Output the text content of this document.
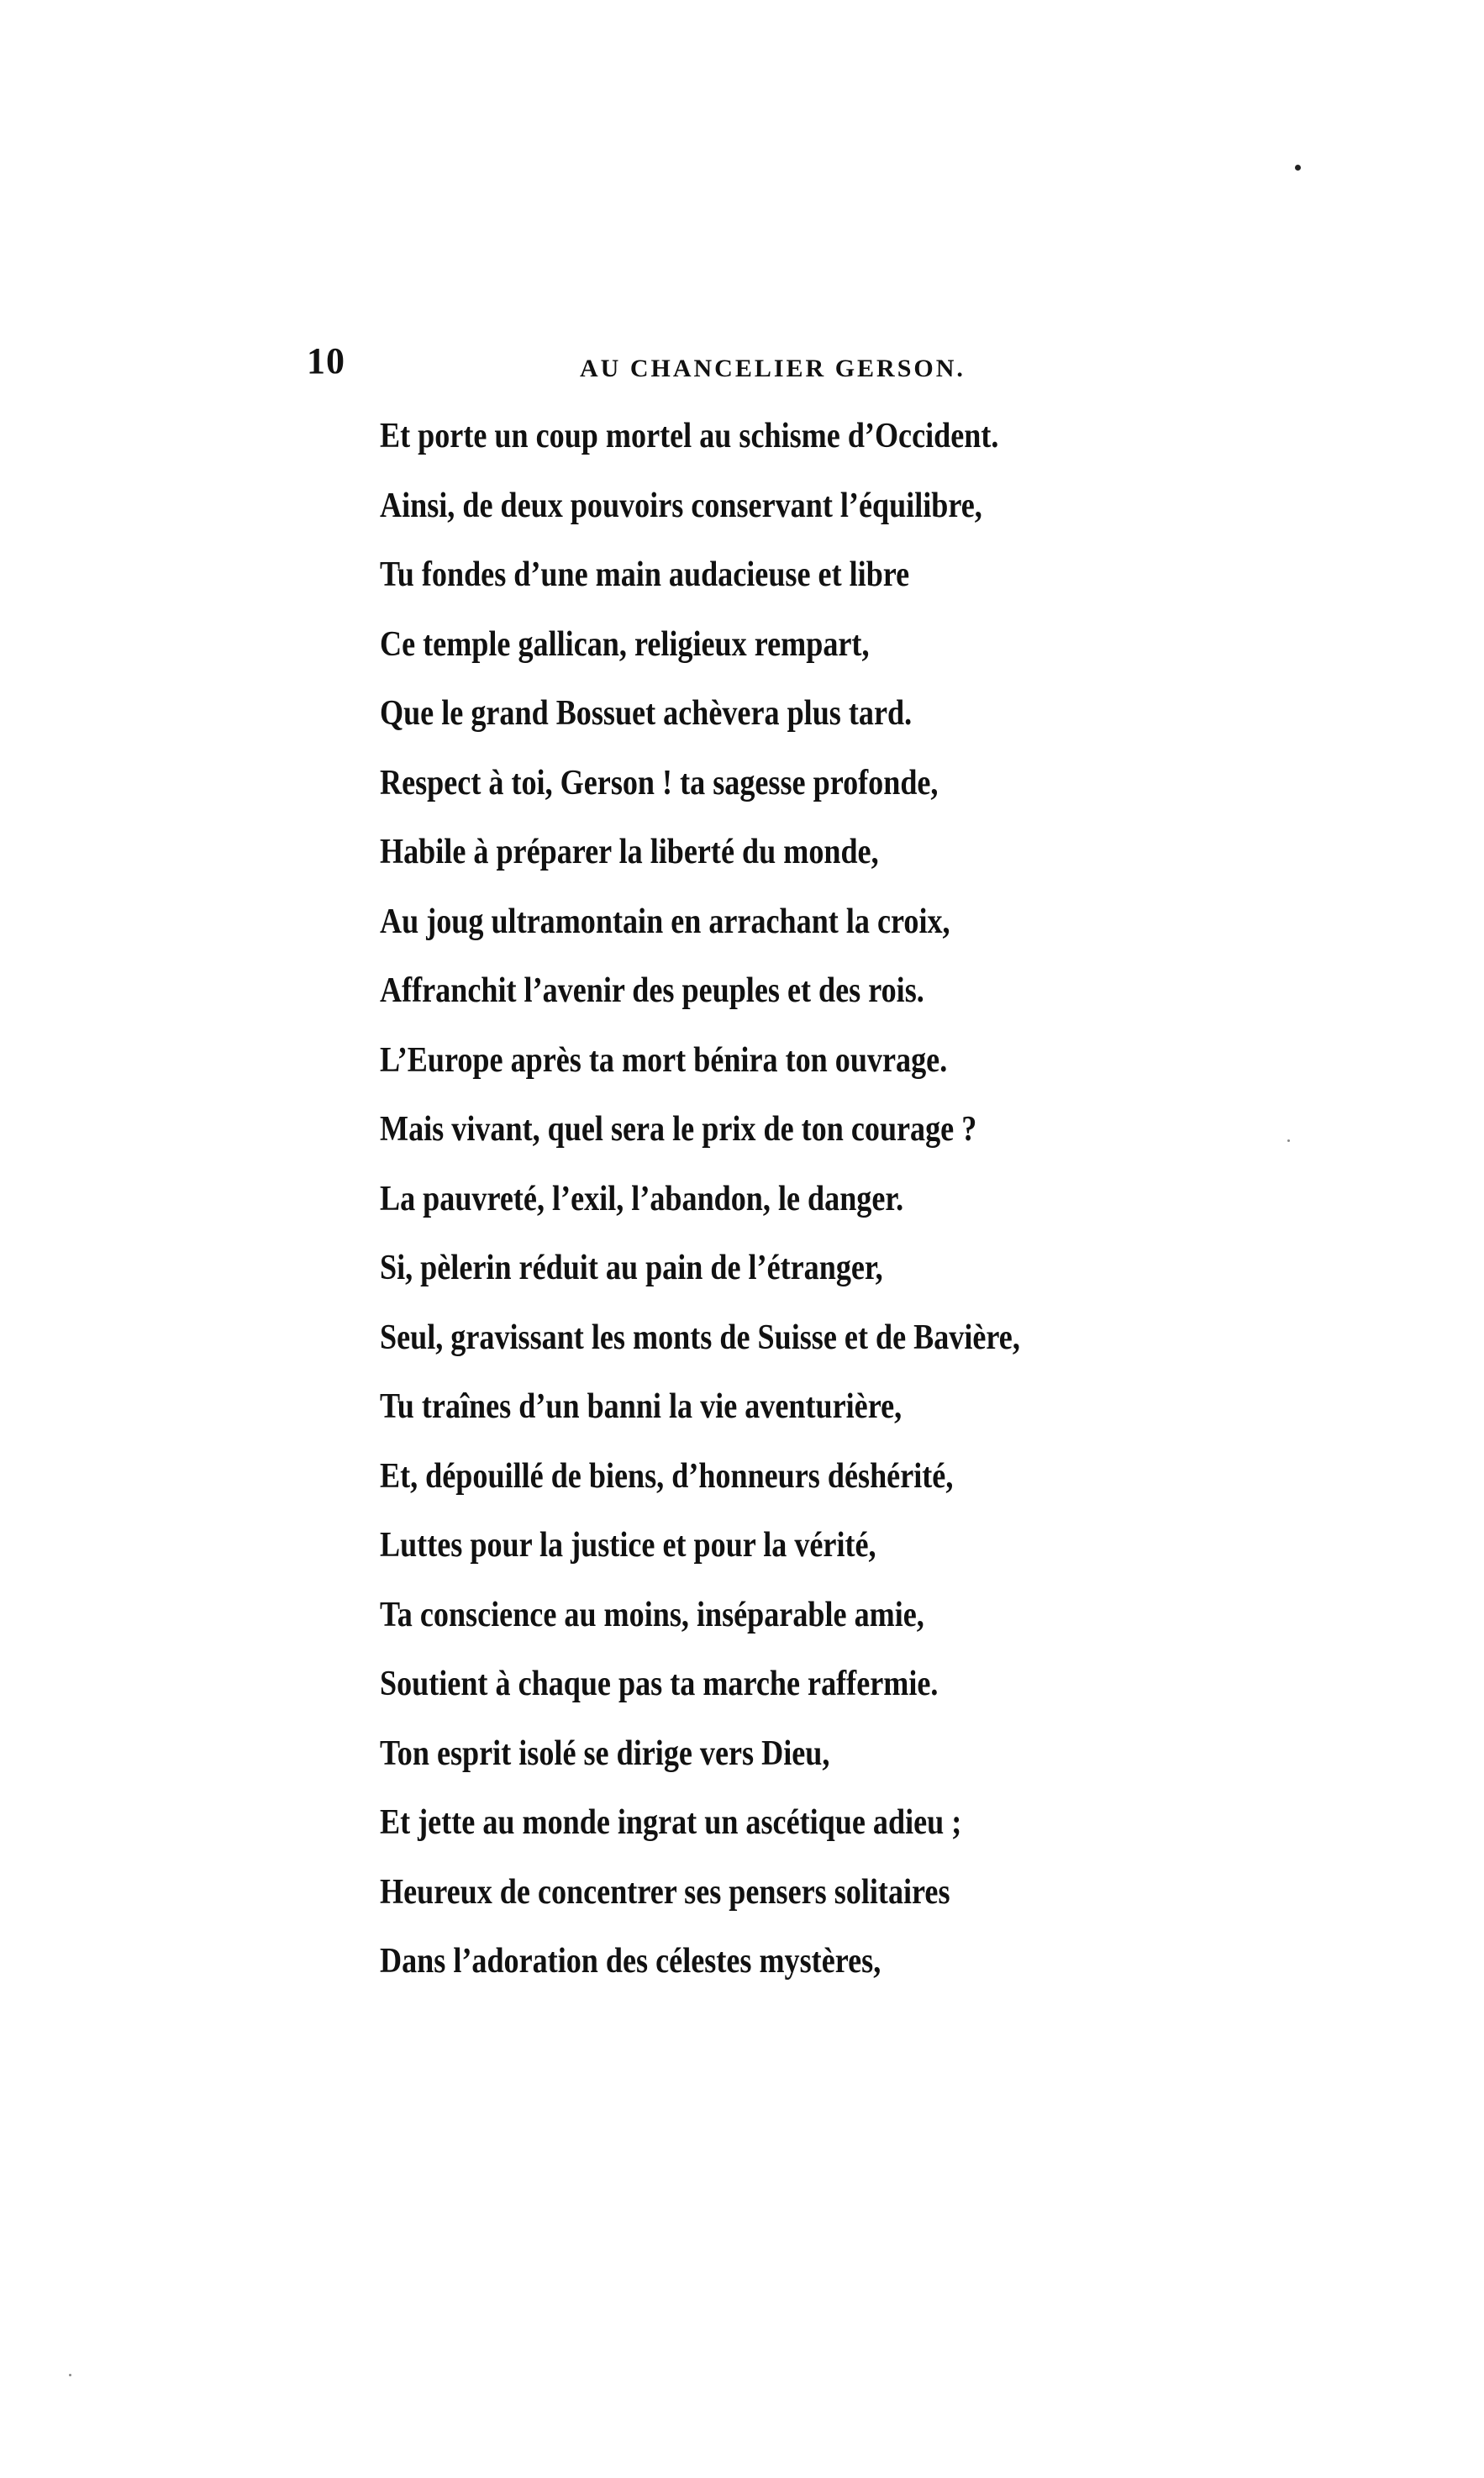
10	AU CHANCELIER GERSON.
Et porte un coup mortel au schisme d’Occident.
Ainsi, de deux pouvoirs conservant l’équilibre,
Tu fondes d’une main audacieuse et libre
Ce temple gallican, religieux rempart,
Que le grand Bossuet achèvera plus tard.
Respect à toi, Gerson ! ta sagesse profonde,
Habile à préparer la liberté du monde,
Au joug ultramontain en arrachant la croix,
Affranchit l’avenir des peuples et des rois.
L’Europe après ta mort bénira ton ouvrage.
Mais vivant, quel sera le prix de ton courage ?
La pauvreté, l’exil, l’abandon, le danger.
Si, pèlerin réduit au pain de l’étranger,
Seul, gravissant les monts de Suisse et de Bavière,
Tu traînes d’un banni la vie aventurière,
Et, dépouillé de biens, d’honneurs déshérité,
Luttes pour la justice et pour la vérité,
Ta conscience au moins, inséparable amie,
Soutient à chaque pas ta marche raffermie.
Ton esprit isolé se dirige vers Dieu,
Et jette au monde ingrat un ascétique adieu ;
Heureux de concentrer ses pensers solitaires
Dans l’adoration des célestes mystères,
